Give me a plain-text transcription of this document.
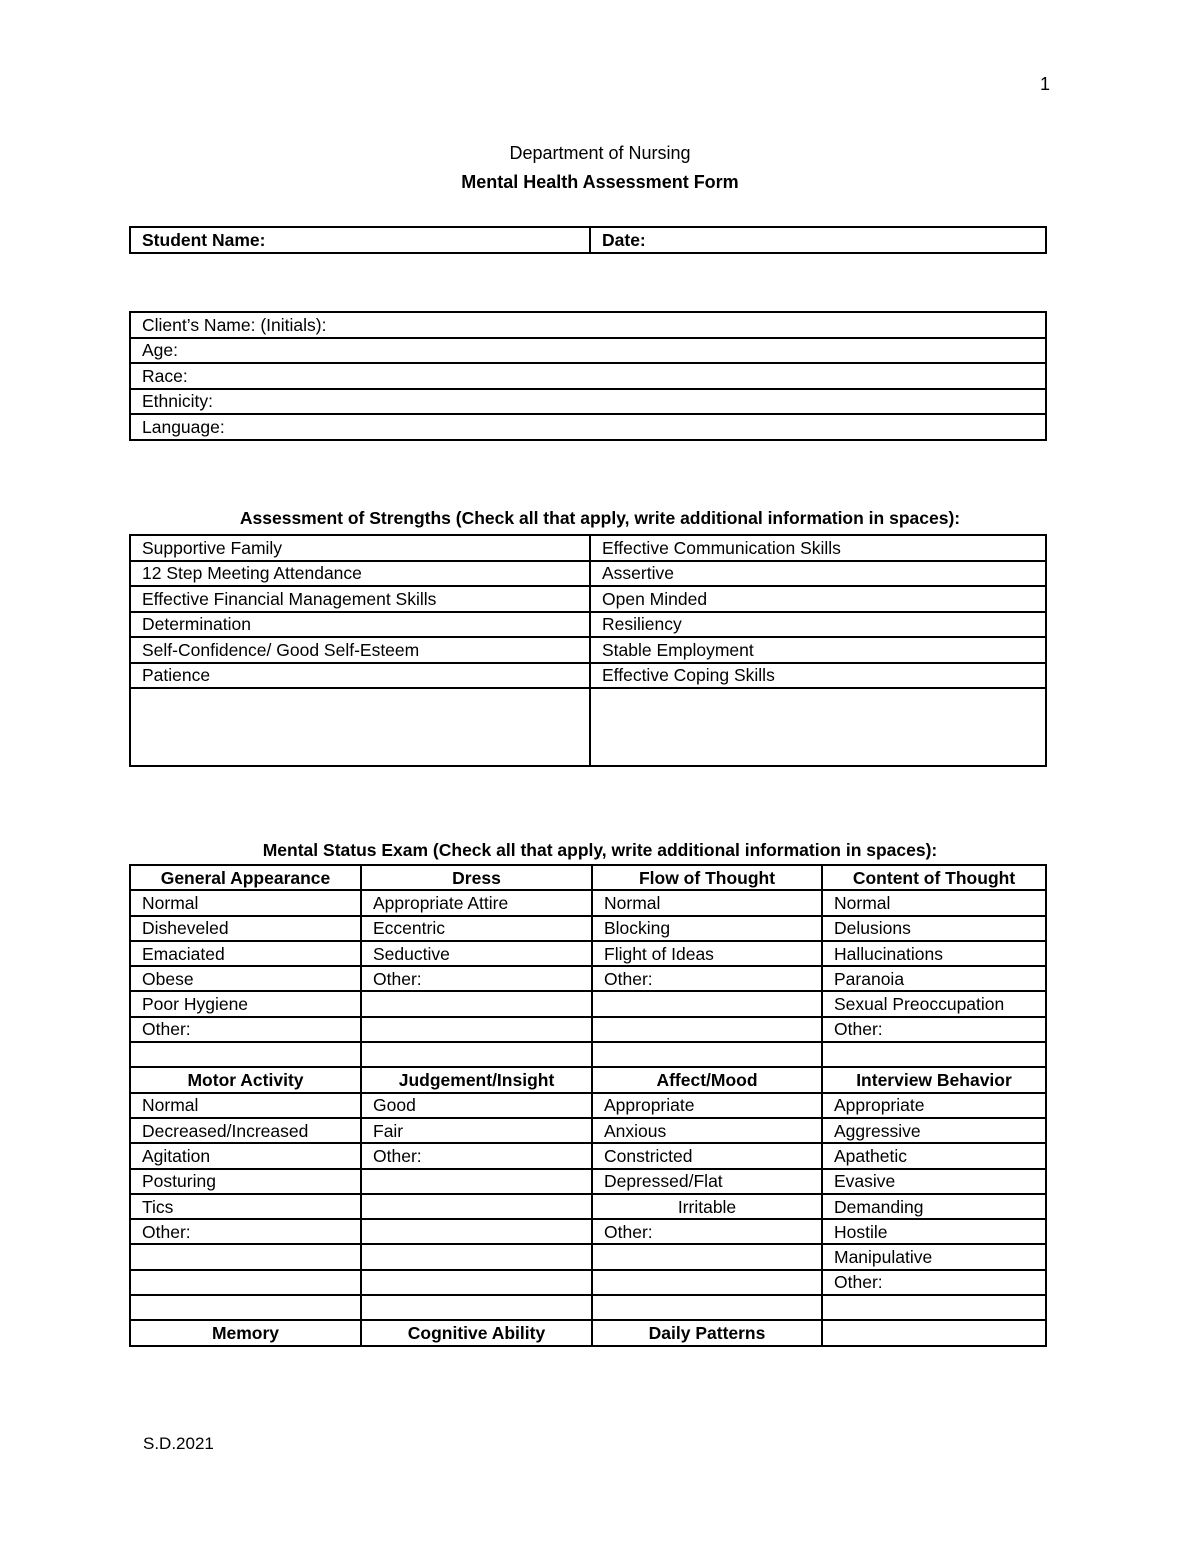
1
Department of Nursing
Mental Health Assessment Form
Student Name:	Date:
Client’s Name: (Initials):
Age:
Race:
Ethnicity:
Language:
Assessment of Strengths (Check all that apply, write additional information in spaces):
Supportive Family	Effective Communication Skills
12 Step Meeting Attendance	Assertive
Effective Financial Management Skills	Open Minded
Determination	Resiliency
Self-Confidence/ Good Self-Esteem	Stable Employment
Patience	Effective Coping Skills

Mental Status Exam (Check all that apply, write additional information in spaces):
General Appearance	Dress	Flow of Thought	Content of Thought
Normal	Appropriate Attire	Normal	Normal
Disheveled	Eccentric	Blocking	Delusions
Emaciated	Seductive	Flight of Ideas	Hallucinations
Obese	Other:	Other:	Paranoia
Poor Hygiene			Sexual Preoccupation
Other:			Other:

Motor Activity	Judgement/Insight	Affect/Mood	Interview Behavior
Normal	Good	Appropriate	Appropriate
Decreased/Increased	Fair	Anxious	Aggressive
Agitation	Other:	Constricted	Apathetic
Posturing		Depressed/Flat	Evasive
Tics		Irritable	Demanding
Other:		Other:	Hostile
			Manipulative
			Other:

Memory	Cognitive Ability	Daily Patterns	
S.D.2021
